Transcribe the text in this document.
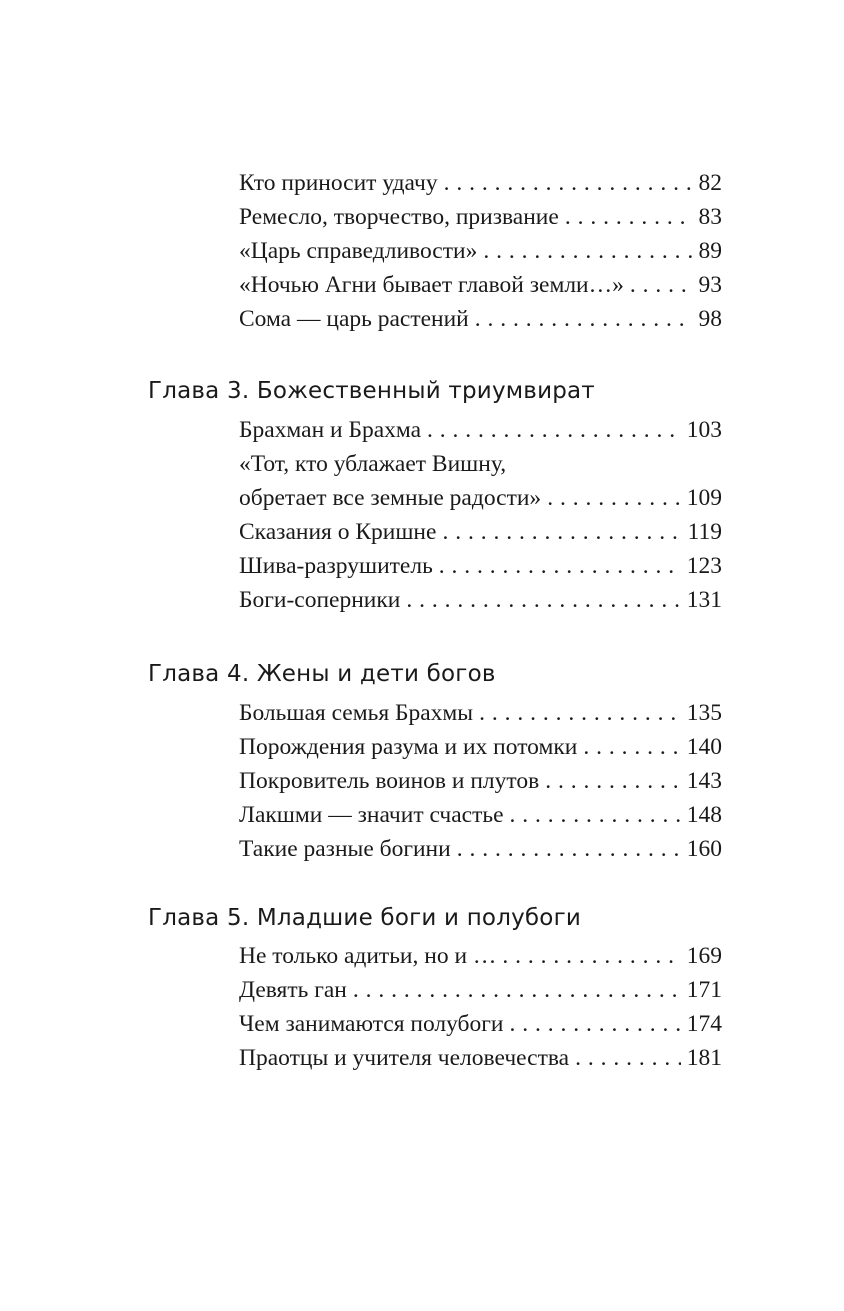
Кто приносит удачу . . .	82
Ремесло, творчество, призвание . . .	83
«Царь справедливости» . . .	89
«Ночью Агни бывает главой земли…» . . .	93
Сома — царь растений . . .	98
Глава 3. Божественный триумвират
Брахман и Брахма . . .	103
«Тот, кто ублажает Вишну,
обретает все земные радости» . . .	109
Сказания о Кришне . . .	119
Шива-разрушитель . . .	123
Боги-соперники . . .	131
Глава 4. Жены и дети богов
Большая семья Брахмы . . .	135
Порождения разума и их потомки . . .	140
Покровитель воинов и плутов . . .	143
Лакшми — значит счастье . . .	148
Такие разные богини . . .	160
Глава 5. Младшие боги и полубоги
Не только адитьи, но и … . . .	169
Девять ган . . .	171
Чем занимаются полубоги . . .	174
Праотцы и учителя человечества . . .	181
